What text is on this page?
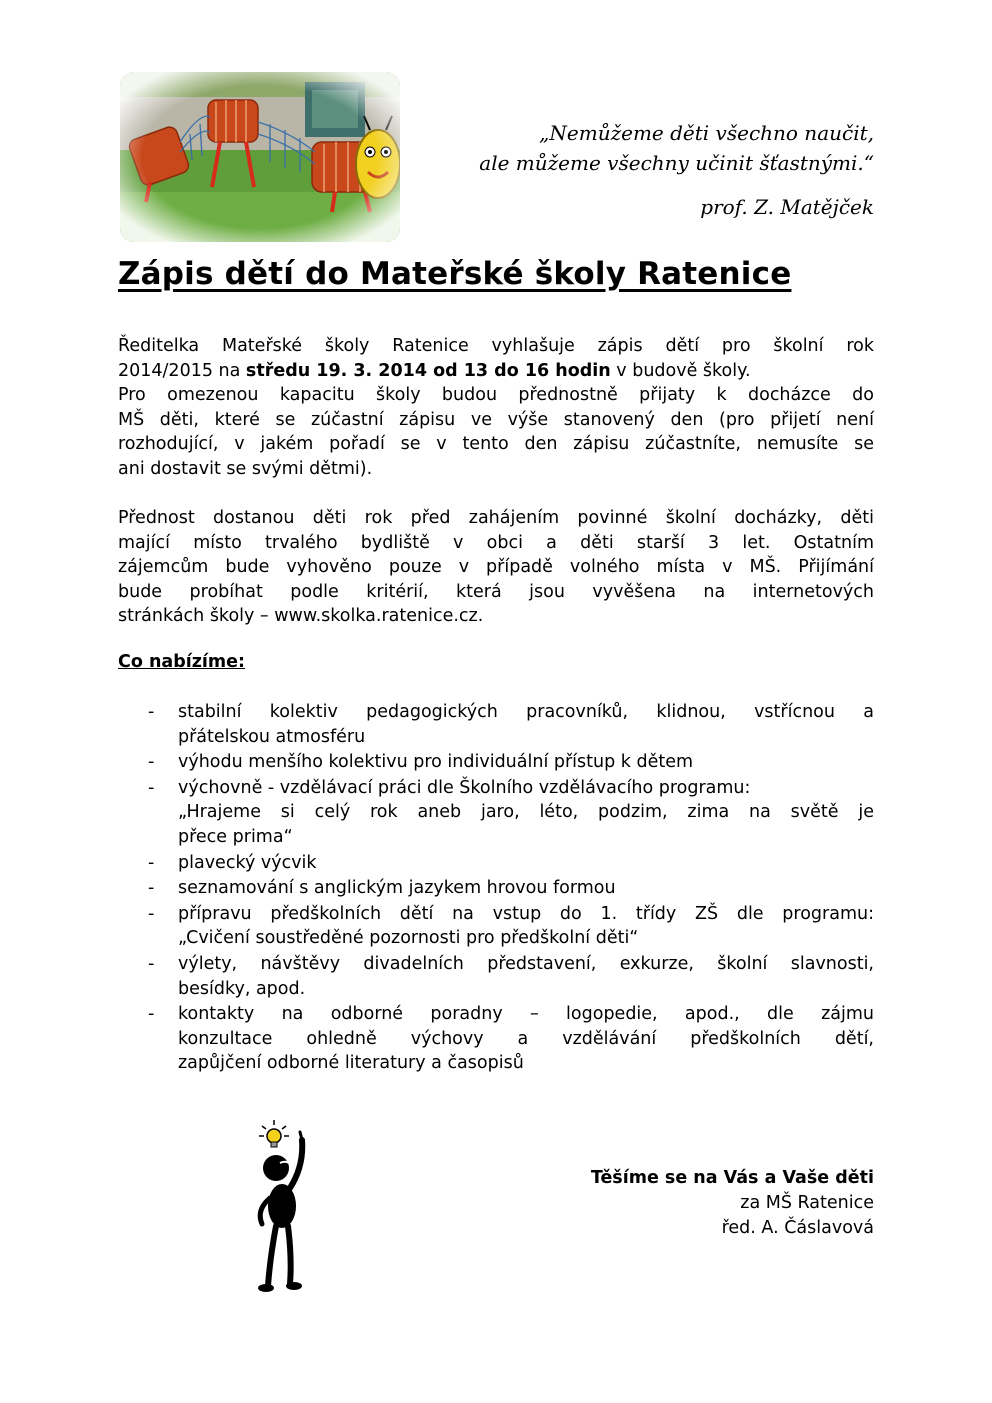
„Nemůžeme děti všechno naučit,
ale můžeme všechny učinit šťastnými.“
prof. Z. Matějček
Zápis dětí do Mateřské školy Ratenice
Ředitelka Mateřské školy Ratenice vyhlašuje zápis dětí pro školní rok
2014/2015 na středu 19. 3. 2014 od 13 do 16 hodin v budově školy.
Pro omezenou kapacitu školy budou přednostně přijaty k docházce do
MŠ děti, které se zúčastní zápisu ve výše stanovený den (pro přijetí není
rozhodující, v jakém pořadí se v tento den zápisu zúčastníte, nemusíte se
ani dostavit se svými dětmi).
Přednost dostanou děti rok před zahájením povinné školní docházky, děti
mající místo trvalého bydliště v obci a děti starší 3 let. Ostatním
zájemcům bude vyhověno pouze v případě volného místa v MŠ. Přijímání
bude probíhat podle kritérií, která jsou vyvěšena na internetových
stránkách školy – www.skolka.ratenice.cz.
Co nabízíme:
- stabilní kolektiv pedagogických pracovníků, klidnou, vstřícnou a
přátelskou atmosféru
- výhodu menšího kolektivu pro individuální přístup k dětem
- výchovně - vzdělávací práci dle Školního vzdělávacího programu:
„Hrajeme si celý rok aneb jaro, léto, podzim, zima na světě je
přece prima“
- plavecký výcvik
- seznamování s anglickým jazykem hrovou formou
- přípravu předškolních dětí na vstup do 1. třídy ZŠ dle programu:
„Cvičení soustředěné pozornosti pro předškolní děti“
- výlety, návštěvy divadelních představení, exkurze, školní slavnosti,
besídky, apod.
- kontakty na odborné poradny – logopedie, apod., dle zájmu
konzultace ohledně výchovy a vzdělávání předškolních dětí,
zapůjčení odborné literatury a časopisů
Těšíme se na Vás a Vaše děti
za MŠ Ratenice
řed. A. Čáslavová
